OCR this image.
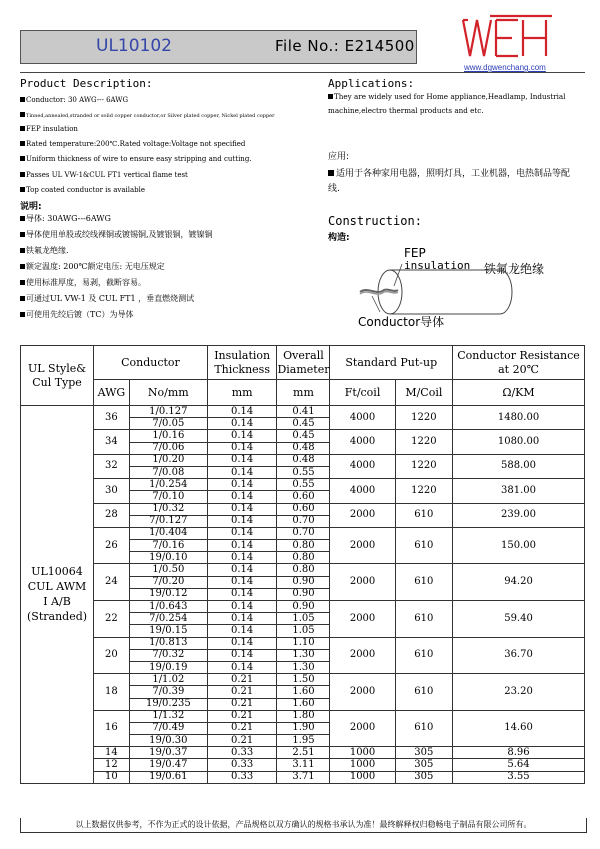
UL10102	File No.: E214500
www.dgwenchang.com
Product Description:
Conductor: 30 AWG--- 6AWG
Tinned,annealed,stranded or solid copper conductor,or Silver plated copper, Nickel plated copper
FEP insulation
Rated temperature:200℃.Rated voltage:Voltage not specified
Uniform thickness of wire to ensure easy stripping and cutting.
Passes UL VW-1&CUL FT1 vertical flame test
Top coated conductor is available
说明:
导体: 30AWG---6AWG
导体使用单股或绞线裸铜或镀锡铜,及镀银铜，镀镍铜
铁氟龙绝缘.
额定温度: 200℃额定电压: 无电压规定
使用标准厚度，易剥，截断容易。
可通过UL VW-1 及 CUL FT1 ，垂直燃烧测试
可使用先绞后镀（TC）为导体
Applications:
They are widely used for Home appliance,Headlamp, Industrial machine,electro thermal products and etc.
应用:
适用于各种家用电器，照明灯具，工业机器，电热制品等配线.
Construction:
构造:
FEP
insulation 铁氟龙绝缘
Conductor导体
UL Style& Cul Type	Conductor		Insulation Thickness	Overall Diameter	Standard Put-up		Conductor Resistance at 20℃
	AWG	No/mm	mm	mm	Ft/coil	M/Coil	Ω/KM
UL10064 CUL AWM I A/B (Stranded)	36	1/0.127	0.14	0.41	4000	1220	1480.00
		7/0.05	0.14	0.45			
	34	1/0.16	0.14	0.45	4000	1220	1080.00
		7/0.06	0.14	0.48			
	32	1/0.20	0.14	0.48	4000	1220	588.00
		7/0.08	0.14	0.55			
	30	1/0.254	0.14	0.55	4000	1220	381.00
		7/0.10	0.14	0.60			
	28	1/0.32	0.14	0.60	2000	610	239.00
		7/0.127	0.14	0.70			
	26	1/0.404	0.14	0.70	2000	610	150.00
		7/0.16	0.14	0.80			
		19/0.10	0.14	0.80			
	24	1/0.50	0.14	0.80	2000	610	94.20
		7/0.20	0.14	0.90			
		19/0.12	0.14	0.90			
	22	1/0.643	0.14	0.90	2000	610	59.40
		7/0.254	0.14	1.05			
		19/0.15	0.14	1.05			
	20	1/0.813	0.14	1.10	2000	610	36.70
		7/0.32	0.14	1.30			
		19/0.19	0.14	1.30			
	18	1/1.02	0.21	1.50	2000	610	23.20
		7/0.39	0.21	1.60			
		19/0.235	0.21	1.60			
	16	1/1.32	0.21	1.80	2000	610	14.60
		7/0.49	0.21	1.90			
		19/0.30	0.21	1.95			
	14	19/0.37	0.33	2.51	1000	305	8.96
	12	19/0.47	0.33	3.11	1000	305	5.64
	10	19/0.61	0.33	3.71	1000	305	3.55
以上数据仅供参考，不作为正式的设计依据，产品规格以双方确认的规格书承认为准！最终解释权归稳畅电子制品有限公司所有。
